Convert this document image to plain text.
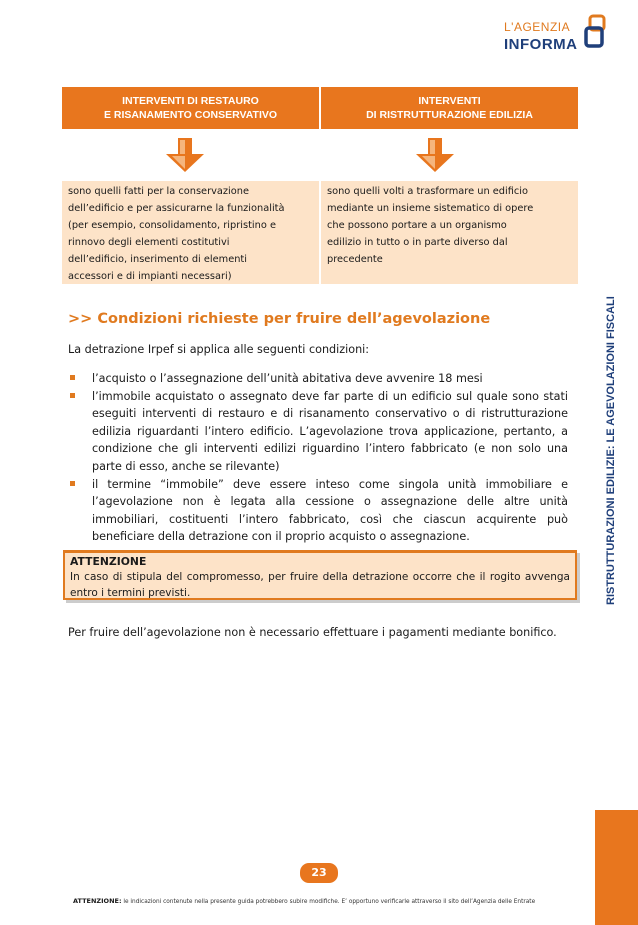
L'AGENZIA
INFORMA
INTERVENTI DI RESTAURO
E RISANAMENTO CONSERVATIVO
INTERVENTI
DI RISTRUTTURAZIONE EDILIZIA
sono quelli fatti per la conservazione
dell’edificio e per assicurarne la funzionalità
(per esempio, consolidamento, ripristino e
rinnovo degli elementi costitutivi
dell’edificio, inserimento di elementi
accessori e di impianti necessari)
sono quelli volti a trasformare un edificio
mediante un insieme sistematico di opere
che possono portare a un organismo
edilizio in tutto o in parte diverso dal
precedente
>> Condizioni richieste per fruire dell’agevolazione
La detrazione Irpef si applica alle seguenti condizioni:
l’acquisto o l’assegnazione dell’unità abitativa deve avvenire 18 mesi
l’immobile acquistato o assegnato deve far parte di un edificio sul quale sono stati eseguiti interventi di restauro e di risanamento conservativo o di ristrutturazione edilizia riguardanti l’intero edificio. L’agevolazione trova applicazione, pertanto, a condizione che gli interventi edilizi riguardino l’intero fabbricato (e non solo una parte di esso, anche se rilevante)
il termine “immobile” deve essere inteso come singola unità immobiliare e l’agevolazione non è legata alla cessione o assegnazione delle altre unità immobiliari, costituenti l’intero fabbricato, così che ciascun acquirente può beneficiare della detrazione con il proprio acquisto o assegnazione.
ATTENZIONE
In caso di stipula del compromesso, per fruire della detrazione occorre che il rogito avvenga entro i termini previsti.
Per fruire dell’agevolazione non è necessario effettuare i pagamenti mediante bonifico.
RISTRUTTURAZIONI EDILIZIE: LE AGEVOLAZIONI FISCALI
23
ATTENZIONE: le indicazioni contenute nella presente guida potrebbero subire modifiche. E’ opportuno verificarle attraverso il sito dell’Agenzia delle Entrate
